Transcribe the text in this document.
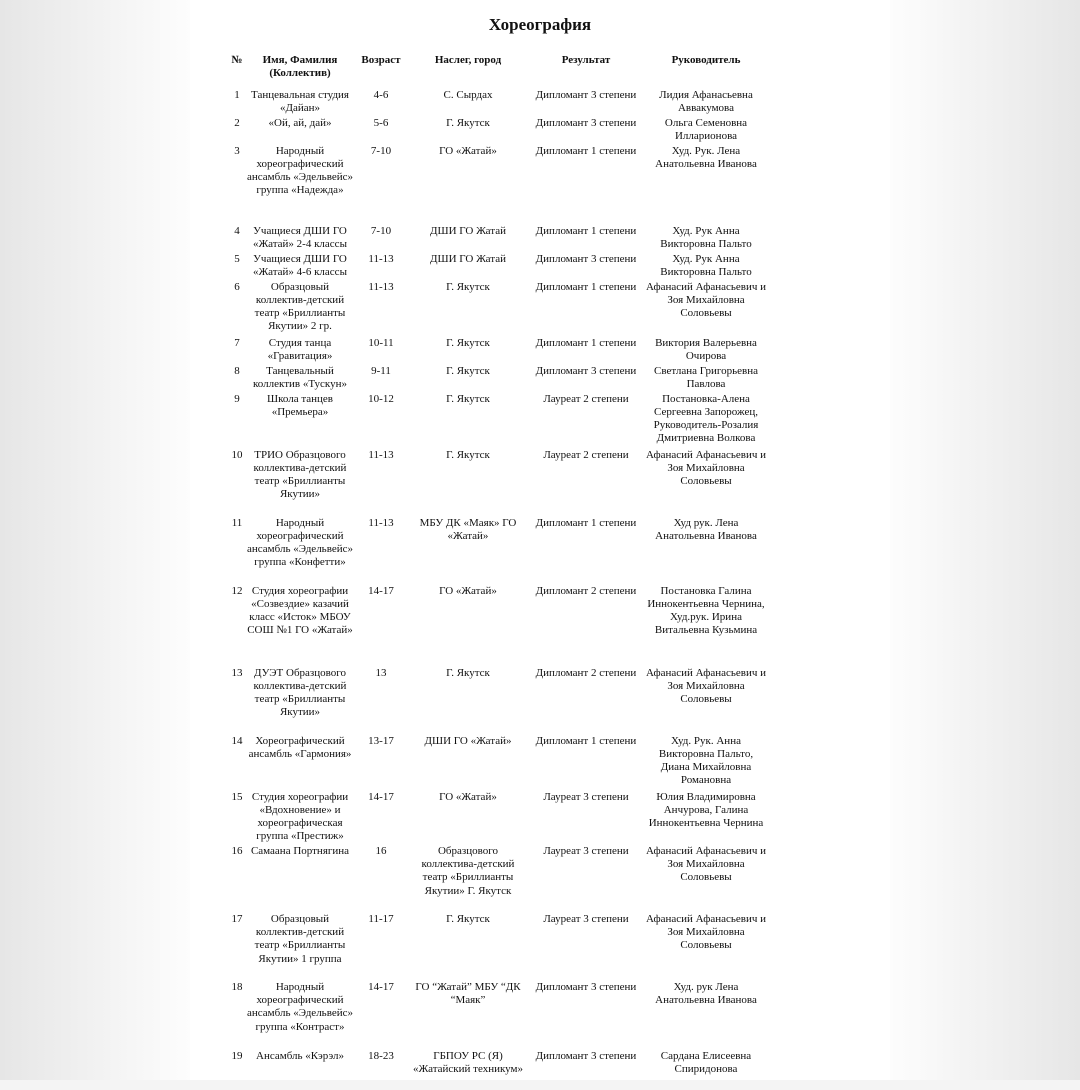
Хореография
№	Имя, Фамилия (Коллектив)	Возраст	Наслег, город	Результат	Руководитель
1	Танцевальная студия «Дайан»	4-6	С. Сырдах	Дипломант 3 степени	Лидия Афанасьевна Аввакумова
2	«Ой, ай, дай»	5-6	Г. Якутск	Дипломант 3 степени	Ольга Семеновна Илларионова
3	Народный хореографический ансамбль «Эдельвейс» группа «Надежда»	7-10	ГО «Жатай»	Дипломант 1 степени	Худ. Рук. Лена Анатольевна Иванова
4	Учащиеся ДШИ ГО «Жатай» 2-4 классы	7-10	ДШИ ГО Жатай	Дипломант 1 степени	Худ. Рук Анна Викторовна Пальто
5	Учащиеся ДШИ ГО «Жатай» 4-6 классы	11-13	ДШИ ГО Жатай	Дипломант 3 степени	Худ. Рук Анна Викторовна Пальто
6	Образцовый коллектив-детский театр «Бриллианты Якутии» 2 гр.	11-13	Г. Якутск	Дипломант 1 степени	Афанасий Афанасьевич и Зоя Михайловна Соловьевы
7	Студия танца «Гравитация»	10-11	Г. Якутск	Дипломант 1 степени	Виктория Валерьевна Очирова
8	Танцевальный коллектив «Тускун»	9-11	Г. Якутск	Дипломант 3 степени	Светлана Григорьевна Павлова
9	Школа танцев «Премьера»	10-12	Г. Якутск	Лауреат 2 степени	Постановка-Алена Сергеевна Запорожец, Руководитель-Розалия Дмитриевна Волкова
10	ТРИО Образцового коллектива-детский театр «Бриллианты Якутии»	11-13	Г. Якутск	Лауреат 2 степени	Афанасий Афанасьевич и Зоя Михайловна Соловьевы
11	Народный хореографический ансамбль «Эдельвейс» группа «Конфетти»	11-13	МБУ ДК «Маяк» ГО «Жатай»	Дипломант 1 степени	Худ рук. Лена Анатольевна Иванова
12	Студия хореографии «Созвездие» казачий класс «Исток» МБОУ СОШ №1 ГО «Жатай»	14-17	ГО «Жатай»	Дипломант 2 степени	Постановка Галина Иннокентьевна Чернина, Худ.рук. Ирина Витальевна Кузьмина
13	ДУЭТ Образцового коллектива-детский театр «Бриллианты Якутии»	13	Г. Якутск	Дипломант 2 степени	Афанасий Афанасьевич и Зоя Михайловна Соловьевы
14	Хореографический ансамбль «Гармония»	13-17	ДШИ ГО «Жатай»	Дипломант 1 степени	Худ. Рук. Анна Викторовна Пальто, Диана Михайловна Романовна
15	Студия хореографии «Вдохновение» и хореографическая группа «Престиж»	14-17	ГО «Жатай»	Лауреат 3 степени	Юлия Владимировна Анчурова, Галина Иннокентьевна Чернина
16	Самаана Портнягина	16	Образцового коллектива-детский театр «Бриллианты Якутии» Г. Якутск	Лауреат 3 степени	Афанасий Афанасьевич и Зоя Михайловна Соловьевы
17	Образцовый коллектив-детский театр «Бриллианты Якутии» 1 группа	11-17	Г. Якутск	Лауреат 3 степени	Афанасий Афанасьевич и Зоя Михайловна Соловьевы
18	Народный хореографический ансамбль «Эдельвейс» группа «Контраст»	14-17	ГО “Жатай” МБУ “ДК “Маяк”	Дипломант 3 степени	Худ. рук Лена Анатольевна Иванова
19	Ансамбль «Кэрэл»	18-23	ГБПОУ РС (Я) «Жатайский техникум»	Дипломант 3 степени	Сардана Елисеевна Спиридонова
